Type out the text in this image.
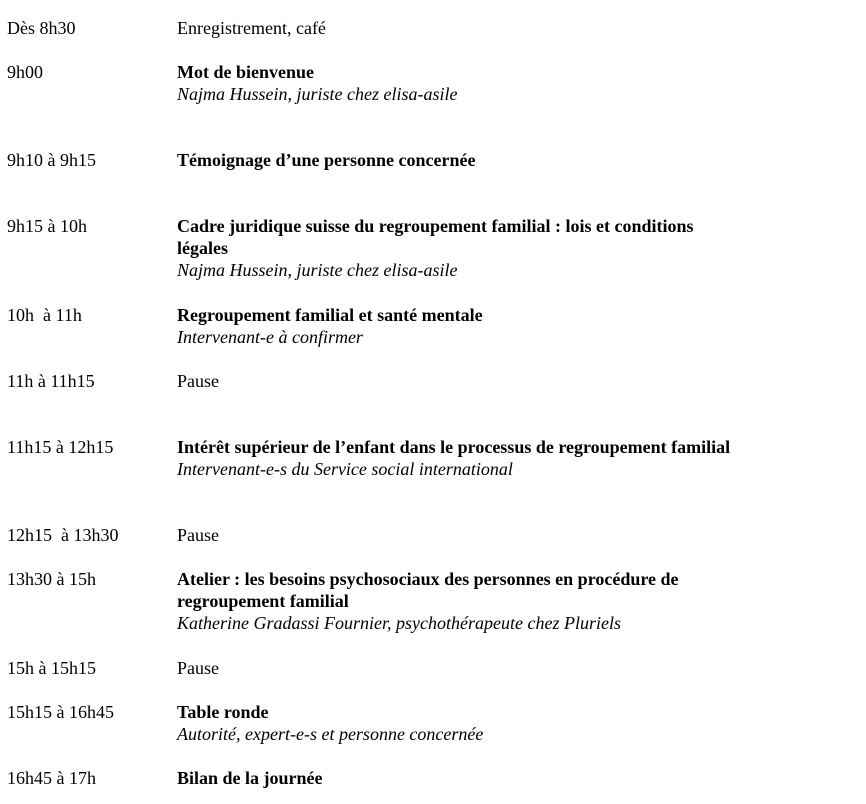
Dès 8h30	Enregistrement, café
9h00	Mot de bienvenue
Najma Hussein, juriste chez elisa-asile
9h10 à 9h15	Témoignage d’une personne concernée
9h15 à 10h	Cadre juridique suisse du regroupement familial : lois et conditions légales
Najma Hussein, juriste chez elisa-asile
10h  à 11h	Regroupement familial et santé mentale
Intervenant-e à confirmer
11h à 11h15	Pause
11h15 à 12h15	Intérêt supérieur de l’enfant dans le processus de regroupement familial
Intervenant-e-s du Service social international
12h15  à 13h30	Pause
13h30 à 15h	Atelier : les besoins psychosociaux des personnes en procédure de regroupement familial
Katherine Gradassi Fournier, psychothérapeute chez Pluriels
15h à 15h15	Pause
15h15 à 16h45	Table ronde
Autorité, expert-e-s et personne concernée
16h45 à 17h	Bilan de la journée
